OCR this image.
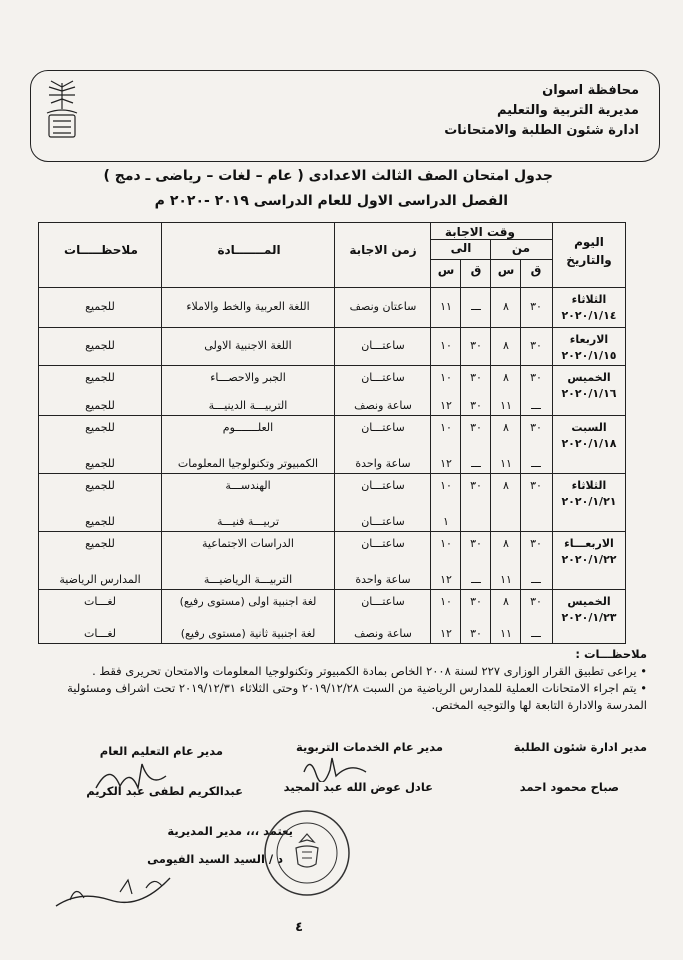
محافظة اسوان
مديرية التربية والتعليم
ادارة شئون الطلبة والامتحانات
جدول امتحان الصف الثالث الاعدادى ( عام – لغات – رياضى ـ دمج )
الفصل الدراسى الاول للعام الدراسى ٢٠١٩ -٢٠٢٠ م
اليوم والتاريخ
وقت الاجابة
من
الى
ق
س
ق
س
زمن الاجابة
المـــــــادة
ملاحظـــــات
الثلاثاء
٢٠٢٠/١/١٤
٣٠
٨
ـــ
١١
ساعتان ونصف
اللغة العربية والخط والاملاء
للجميع
الاربعاء
٢٠٢٠/١/١٥
٣٠
٨
٣٠
١٠
ساعتـــان
اللغة الاجنبية الاولى
للجميع
الخميس
٢٠٢٠/١/١٦
٣٠
٨
٣٠
١٠
ساعتـــان
الجبر والاحصـــاء
للجميع
ـــ
١١
٣٠
١٢
ساعة ونصف
التربيـــة الدينيـــة
للجميع
السبت
٢٠٢٠/١/١٨
٣٠
٨
٣٠
١٠
ساعتـــان
العلـــــــوم
للجميع
ـــ
١١
ـــ
١٢
ساعة واحدة
الكمبيوتر وتكنولوجيا المعلومات
للجميع
الثلاثاء
٢٠٢٠/١/٢١
٣٠
٨
٣٠
١٠
ساعتـــان
الهندســـة
للجميع
١
ساعتـــان
تربيـــة فنيـــة
للجميع
الاربعـــاء
٢٠٢٠/١/٢٢
٣٠
٨
٣٠
١٠
ساعتـــان
الدراسات الاجتماعية
للجميع
ـــ
١١
ـــ
١٢
ساعة واحدة
التربيـــة الرياضيـــة
المدارس الرياضية
الخميس
٢٠٢٠/١/٢٣
٣٠
٨
٣٠
١٠
ساعتـــان
لغة اجنبية اولى (مستوى رفيع)
لغـــات
ـــ
١١
٣٠
١٢
ساعة ونصف
لغة اجنبية ثانية (مستوى رفيع)
لغـــات
ملاحظـــات :
• يراعى تطبيق القرار الوزارى ٢٢٧ لسنة ٢٠٠٨ الخاص بمادة الكمبيوتر وتكنولوجيا المعلومات والامتحان تحريرى فقط .
• يتم اجراء الامتحانات العملية للمدارس الرياضية من السبت ٢٠١٩/١٢/٢٨ وحتى الثلاثاء ٢٠١٩/١٢/٣١ تحت اشراف ومسئولية المدرسة والادارة التابعة لها والتوجيه المختص.
مدير ادارة شئون الطلبة
صباح محمود احمد
مدير عام الخدمات التربوية
عادل عوض الله عبد المجيد
مدير عام التعليم العام
عبدالكريم لطفى عبد الكريم
يعتمد ،،، مدير المديرية
د / السيد السيد الفيومى
٤
